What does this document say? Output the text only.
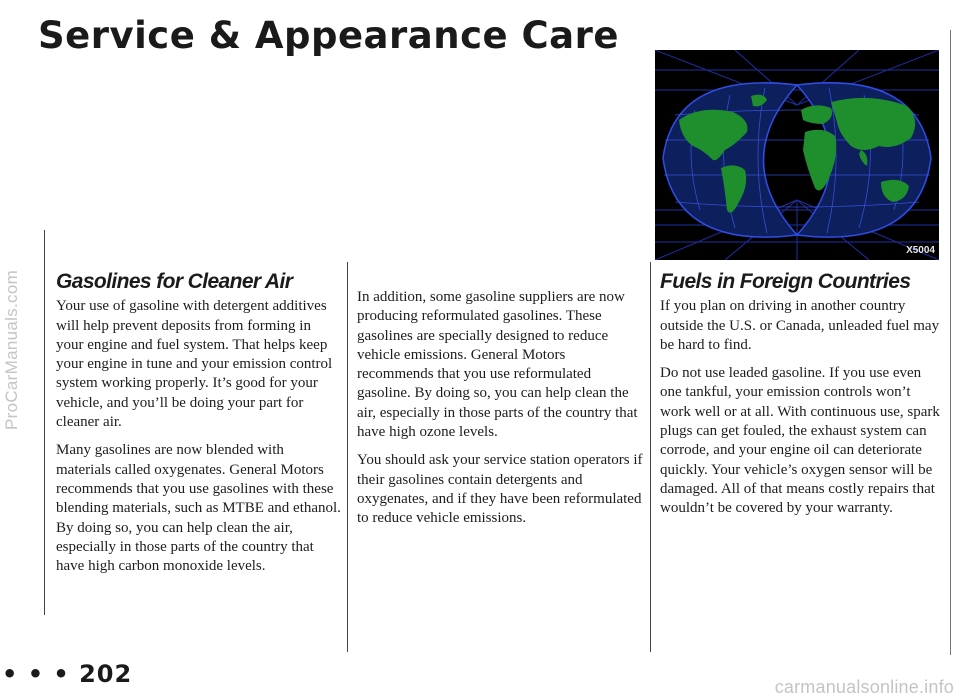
ProCarManuals.com
Service & Appearance Care
X5004
Gasolines for Cleaner Air

Your use of gasoline with detergent additives will help prevent deposits from forming in your engine and fuel system. That helps keep your engine in tune and your emission control system working properly. It’s good for your vehicle, and you’ll be doing your part for cleaner air.

Many gasolines are now blended with materials called oxygenates. General Motors recommends that you use gasolines with these blending materials, such as MTBE and ethanol. By doing so, you can help clean the air, especially in those parts of the country that have high carbon monoxide levels.

In addition, some gasoline suppliers are now producing reformulated gasolines. These gasolines are specially designed to reduce vehicle emissions. General Motors recommends that you use reformulated gasoline. By doing so, you can help clean the air, especially in those parts of the country that have high ozone levels.

You should ask your service station operators if their gasolines contain detergents and oxygenates, and if they have been reformulated to reduce vehicle emissions.

Fuels in Foreign Countries

If you plan on driving in another country outside the U.S. or Canada, unleaded fuel may be hard to find.

Do not use leaded gasoline. If you use even one tankful, your emission controls won’t work well or at all. With continuous use, spark plugs can get fouled, the exhaust system can corrode, and your engine oil can deteriorate quickly. Your vehicle’s oxygen sensor will be damaged. All of that means costly repairs that wouldn’t be covered by your warranty.

• • • 202	carmanualsonline.info
